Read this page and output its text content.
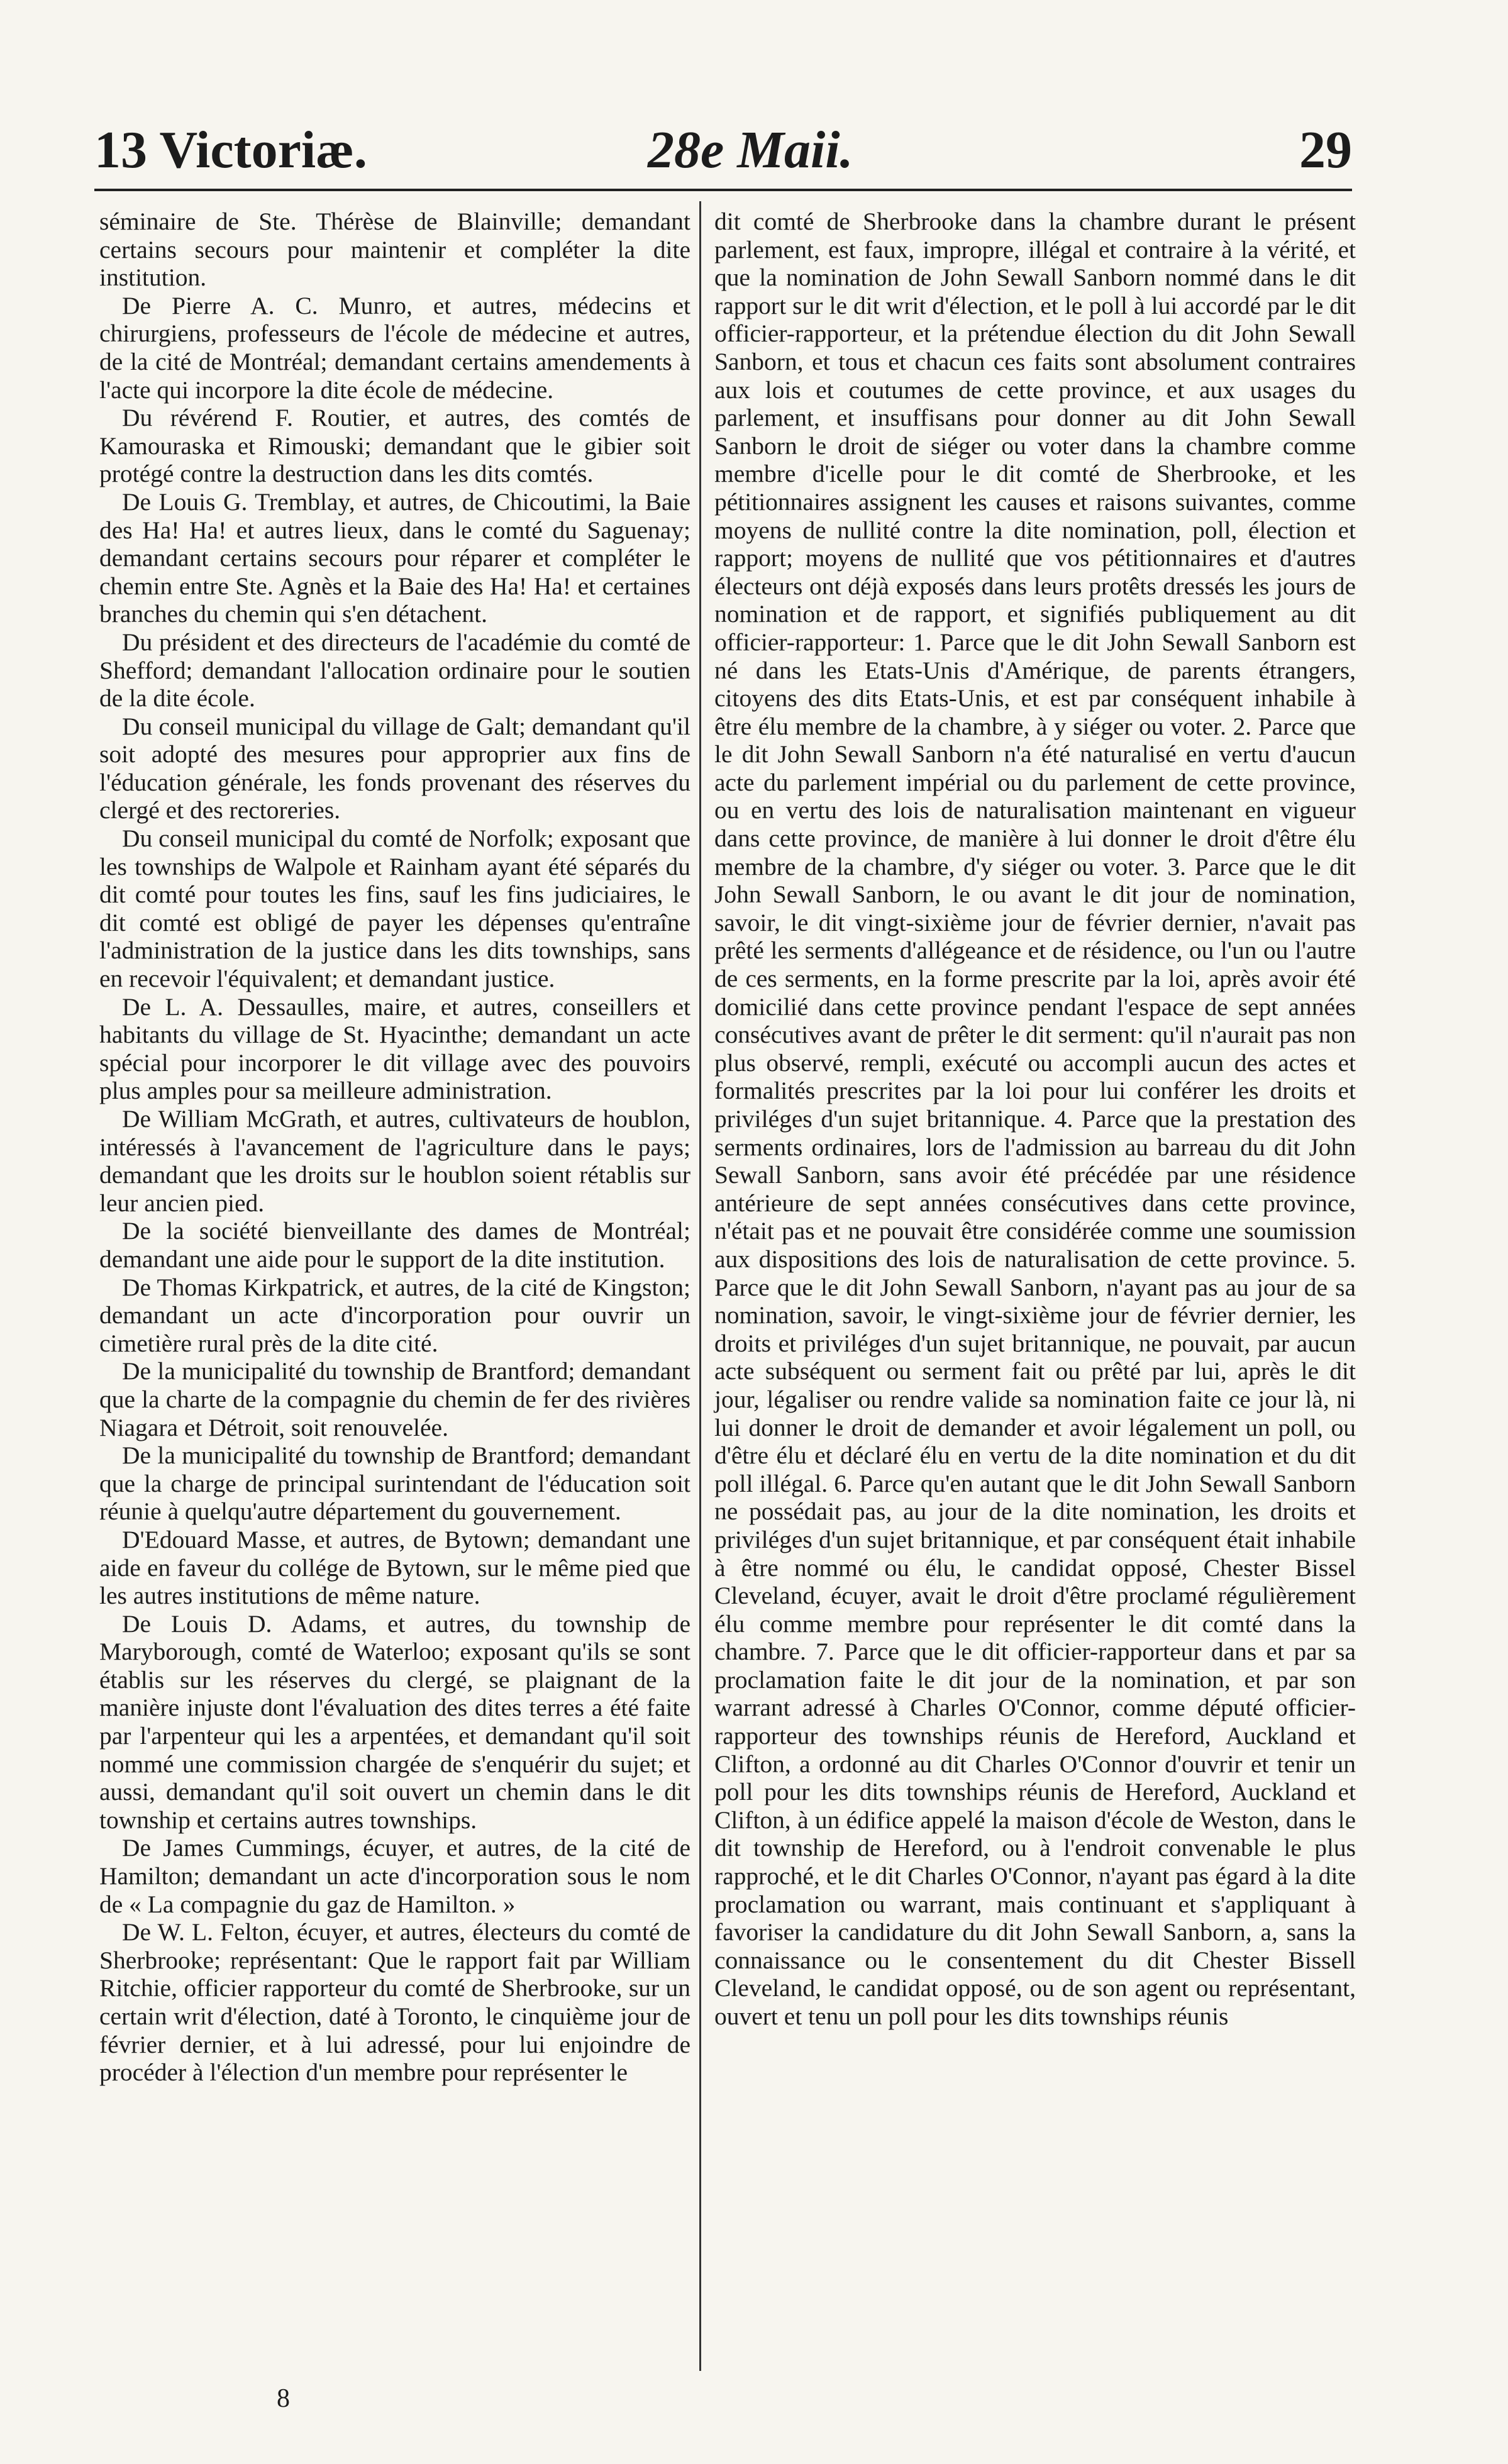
13 Victoriæ.	28e Maii.	29

séminaire de Ste. Thérèse de Blainville; demandant certains secours pour maintenir et compléter la dite institution.

De Pierre A. C. Munro, et autres, médecins et chirurgiens, professeurs de l'école de médecine et autres, de la cité de Montréal; demandant certains amendements à l'acte qui incorpore la dite école de médecine.

Du révérend F. Routier, et autres, des comtés de Kamouraska et Rimouski; demandant que le gibier soit protégé contre la destruction dans les dits comtés.

De Louis G. Tremblay, et autres, de Chicoutimi, la Baie des Ha! Ha! et autres lieux, dans le comté du Saguenay; demandant certains secours pour réparer et compléter le chemin entre Ste. Agnès et la Baie des Ha! Ha! et certaines branches du chemin qui s'en détachent.

Du président et des directeurs de l'académie du comté de Shefford; demandant l'allocation ordinaire pour le soutien de la dite école.

Du conseil municipal du village de Galt; demandant qu'il soit adopté des mesures pour approprier aux fins de l'éducation générale, les fonds provenant des réserves du clergé et des rectoreries.

Du conseil municipal du comté de Norfolk; exposant que les townships de Walpole et Rainham ayant été séparés du dit comté pour toutes les fins, sauf les fins judiciaires, le dit comté est obligé de payer les dépenses qu'entraîne l'administration de la justice dans les dits townships, sans en recevoir l'équivalent; et demandant justice.

De L. A. Dessaulles, maire, et autres, conseillers et habitants du village de St. Hyacinthe; demandant un acte spécial pour incorporer le dit village avec des pouvoirs plus amples pour sa meilleure administration.

De William McGrath, et autres, cultivateurs de houblon, intéressés à l'avancement de l'agriculture dans le pays; demandant que les droits sur le houblon soient rétablis sur leur ancien pied.

De la société bienveillante des dames de Montréal; demandant une aide pour le support de la dite institution.

De Thomas Kirkpatrick, et autres, de la cité de Kingston; demandant un acte d'incorporation pour ouvrir un cimetière rural près de la dite cité.

De la municipalité du township de Brantford; demandant que la charte de la compagnie du chemin de fer des rivières Niagara et Détroit, soit renouvelée.

De la municipalité du township de Brantford; demandant que la charge de principal surintendant de l'éducation soit réunie à quelqu'autre département du gouvernement.

D'Edouard Masse, et autres, de Bytown; demandant une aide en faveur du collége de Bytown, sur le même pied que les autres institutions de même nature.

De Louis D. Adams, et autres, du township de Maryborough, comté de Waterloo; exposant qu'ils se sont établis sur les réserves du clergé, se plaignant de la manière injuste dont l'évaluation des dites terres a été faite par l'arpenteur qui les a arpentées, et demandant qu'il soit nommé une commission chargée de s'enquérir du sujet; et aussi, demandant qu'il soit ouvert un chemin dans le dit township et certains autres townships.

De James Cummings, écuyer, et autres, de la cité de Hamilton; demandant un acte d'incorporation sous le nom de « La compagnie du gaz de Hamilton. »

De W. L. Felton, écuyer, et autres, électeurs du comté de Sherbrooke; représentant: Que le rapport fait par William Ritchie, officier rapporteur du comté de Sherbrooke, sur un certain writ d'élection, daté à Toronto, le cinquième jour de février dernier, et à lui adressé, pour lui enjoindre de procéder à l'élection d'un membre pour représenter le

dit comté de Sherbrooke dans la chambre durant le présent parlement, est faux, impropre, illégal et contraire à la vérité, et que la nomination de John Sewall Sanborn nommé dans le dit rapport sur le dit writ d'élection, et le poll à lui accordé par le dit officier-rapporteur, et la prétendue élection du dit John Sewall Sanborn, et tous et chacun ces faits sont absolument contraires aux lois et coutumes de cette province, et aux usages du parlement, et insuffisans pour donner au dit John Sewall Sanborn le droit de siéger ou voter dans la chambre comme membre d'icelle pour le dit comté de Sherbrooke, et les pétitionnaires assignent les causes et raisons suivantes, comme moyens de nullité contre la dite nomination, poll, élection et rapport; moyens de nullité que vos pétitionnaires et d'autres électeurs ont déjà exposés dans leurs protêts dressés les jours de nomination et de rapport, et signifiés publiquement au dit officier-rapporteur: 1. Parce que le dit John Sewall Sanborn est né dans les Etats-Unis d'Amérique, de parents étrangers, citoyens des dits Etats-Unis, et est par conséquent inhabile à être élu membre de la chambre, à y siéger ou voter. 2. Parce que le dit John Sewall Sanborn n'a été naturalisé en vertu d'aucun acte du parlement impérial ou du parlement de cette province, ou en vertu des lois de naturalisation maintenant en vigueur dans cette province, de manière à lui donner le droit d'être élu membre de la chambre, d'y siéger ou voter. 3. Parce que le dit John Sewall Sanborn, le ou avant le dit jour de nomination, savoir, le dit vingt-sixième jour de février dernier, n'avait pas prêté les serments d'allégeance et de résidence, ou l'un ou l'autre de ces serments, en la forme prescrite par la loi, après avoir été domicilié dans cette province pendant l'espace de sept années consécutives avant de prêter le dit serment: qu'il n'aurait pas non plus observé, rempli, exécuté ou accompli aucun des actes et formalités prescrites par la loi pour lui conférer les droits et priviléges d'un sujet britannique. 4. Parce que la prestation des serments ordinaires, lors de l'admission au barreau du dit John Sewall Sanborn, sans avoir été précédée par une résidence antérieure de sept années consécutives dans cette province, n'était pas et ne pouvait être considérée comme une soumission aux dispositions des lois de naturalisation de cette province. 5. Parce que le dit John Sewall Sanborn, n'ayant pas au jour de sa nomination, savoir, le vingt-sixième jour de février dernier, les droits et priviléges d'un sujet britannique, ne pouvait, par aucun acte subséquent ou serment fait ou prêté par lui, après le dit jour, légaliser ou rendre valide sa nomination faite ce jour là, ni lui donner le droit de demander et avoir légalement un poll, ou d'être élu et déclaré élu en vertu de la dite nomination et du dit poll illégal. 6. Parce qu'en autant que le dit John Sewall Sanborn ne possédait pas, au jour de la dite nomination, les droits et priviléges d'un sujet britannique, et par conséquent était inhabile à être nommé ou élu, le candidat opposé, Chester Bissel Cleveland, écuyer, avait le droit d'être proclamé régulièrement élu comme membre pour représenter le dit comté dans la chambre. 7. Parce que le dit officier-rapporteur dans et par sa proclamation faite le dit jour de la nomination, et par son warrant adressé à Charles O'Connor, comme député officier-rapporteur des townships réunis de Hereford, Auckland et Clifton, a ordonné au dit Charles O'Connor d'ouvrir et tenir un poll pour les dits townships réunis de Hereford, Auckland et Clifton, à un édifice appelé la maison d'école de Weston, dans le dit township de Hereford, ou à l'endroit convenable le plus rapproché, et le dit Charles O'Connor, n'ayant pas égard à la dite proclamation ou warrant, mais continuant et s'appliquant à favoriser la candidature du dit John Sewall Sanborn, a, sans la connaissance ou le consentement du dit Chester Bissell Cleveland, le candidat opposé, ou de son agent ou représentant, ouvert et tenu un poll pour les dits townships réunis

8
